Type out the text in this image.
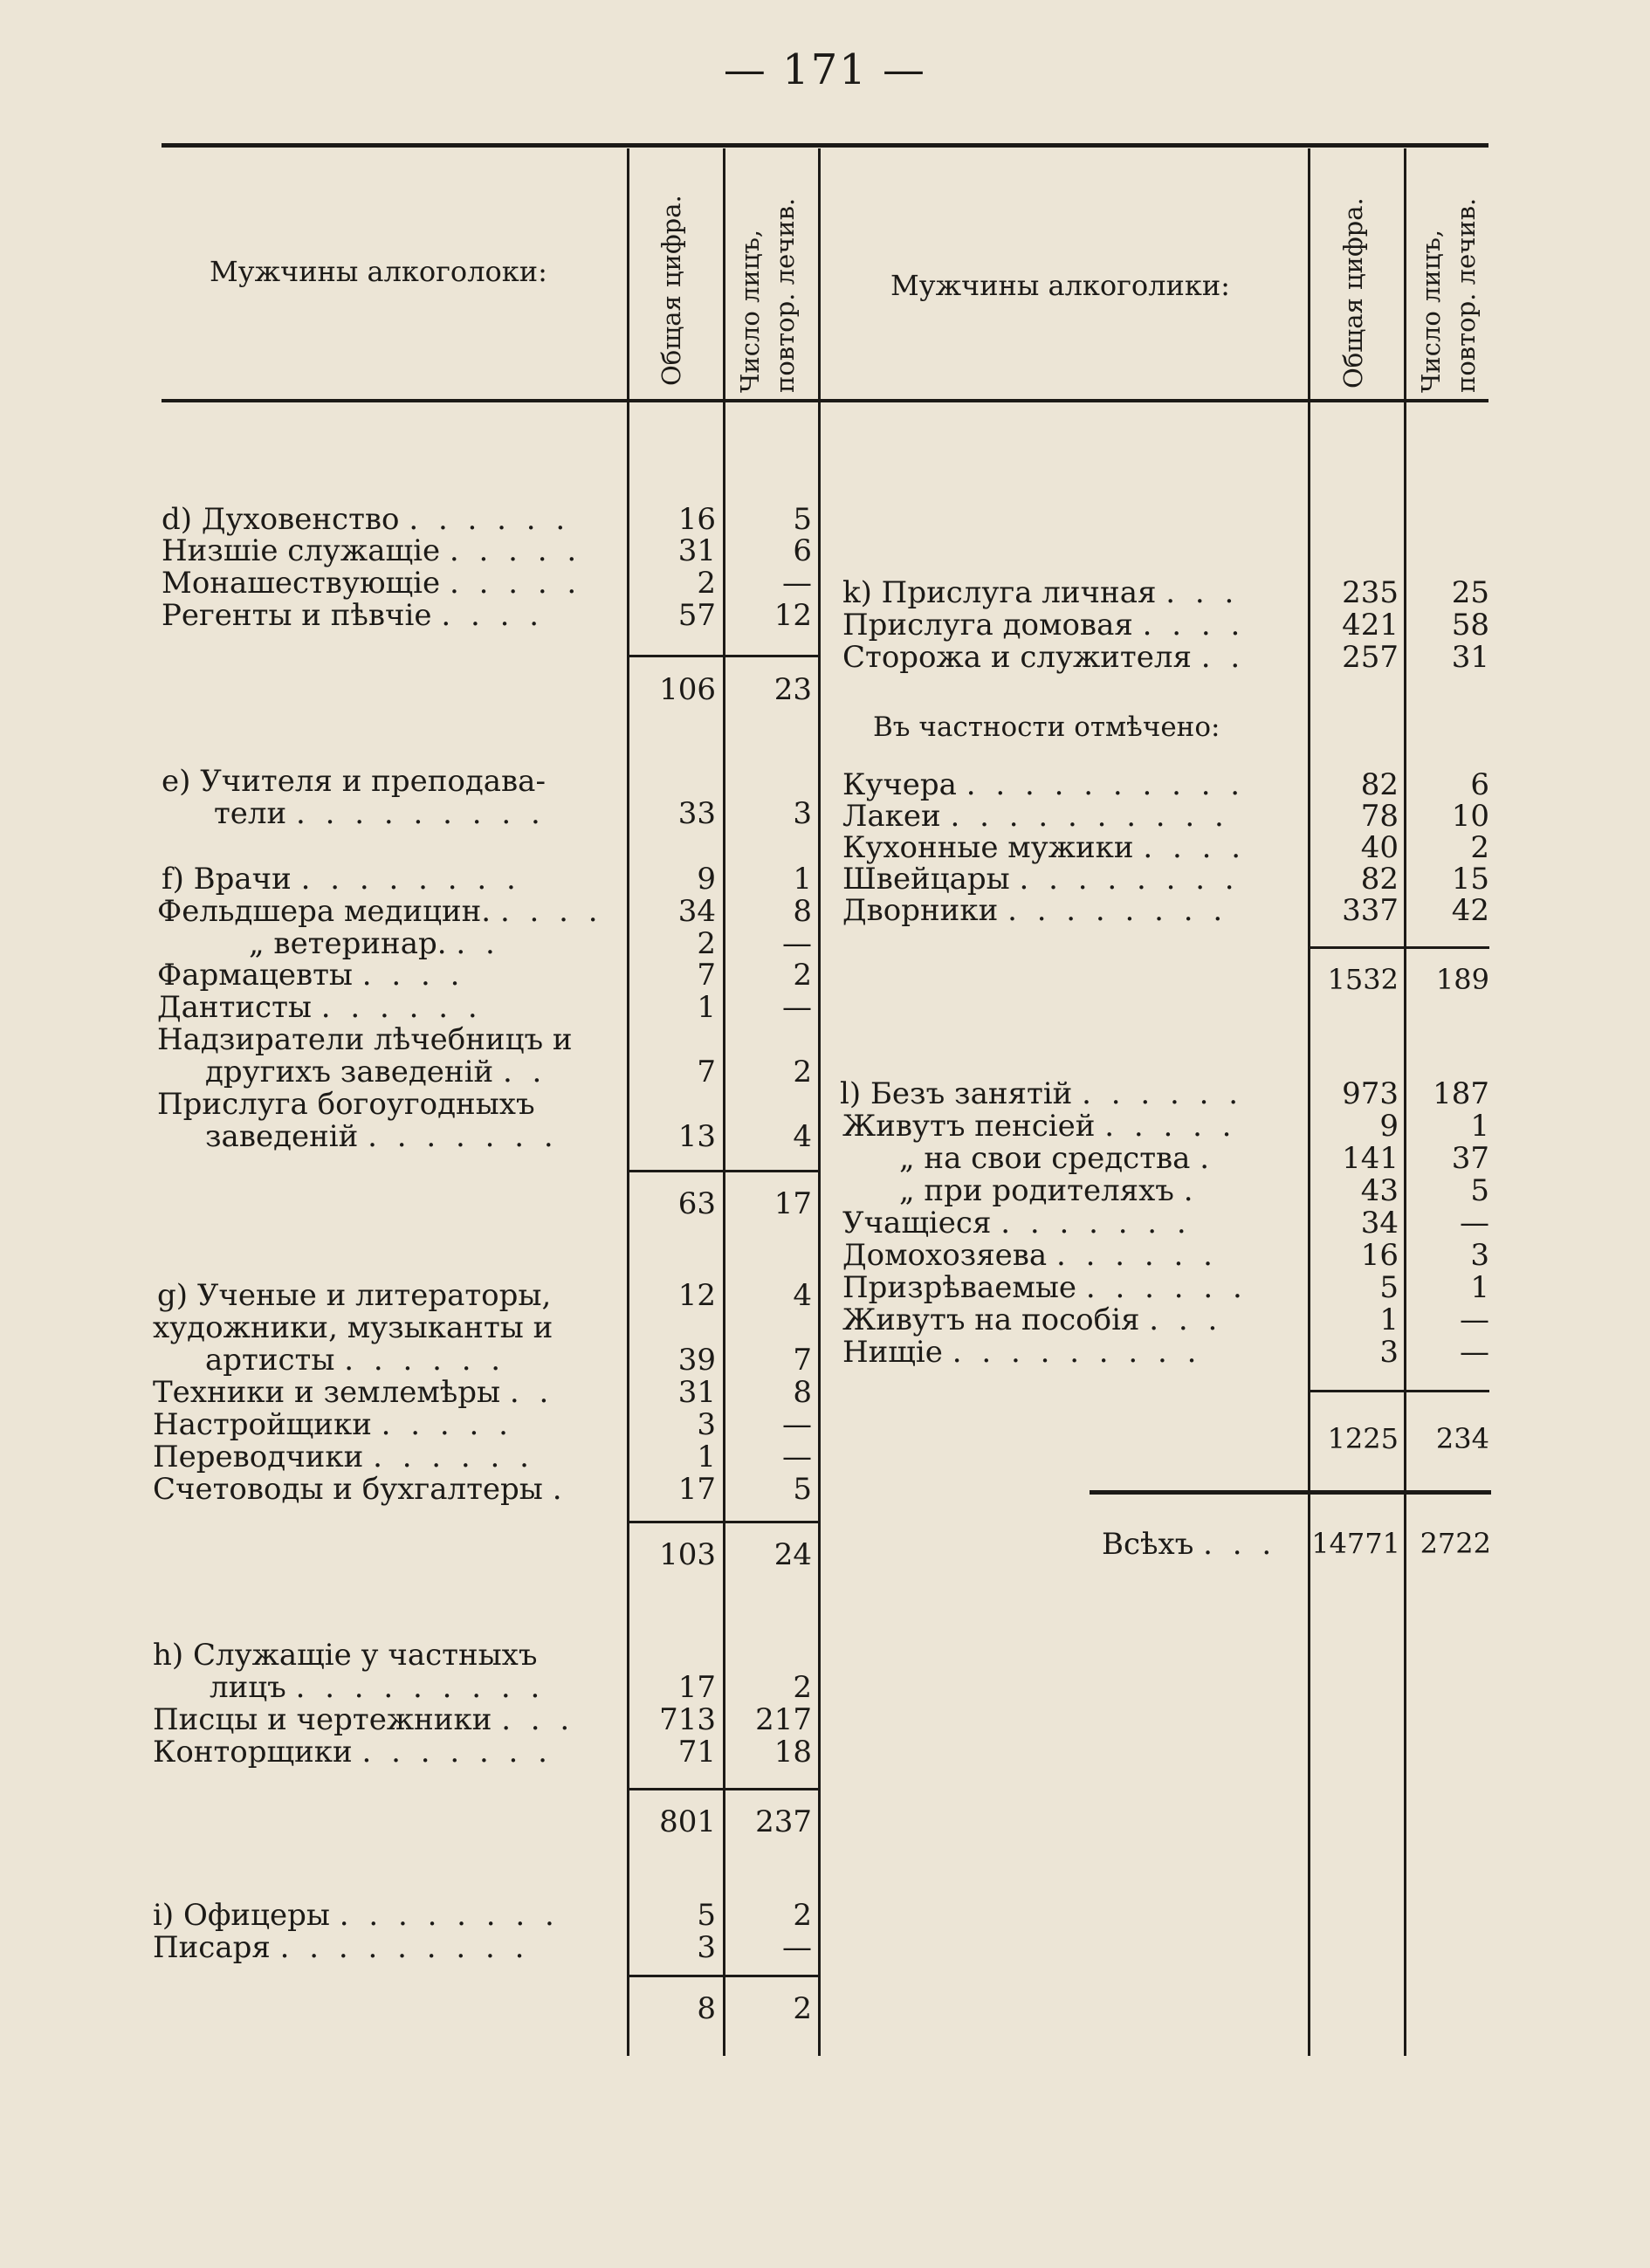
— 171 —
Мужчины алкоголоки:	Общая цифра. Число лицъ, повтор. лечив.	Мужчины алкоголики:	Общая цифра. Число лицъ, повтор. лечив.
d) Духовенство . . . . . .	16	5
Низшіе служащіе . . . . .	31	6
Монашествующіе . . . . .	2	—
Регенты и пѣвчіе . . . .	57	12
106	23
е) Учителя и преподава-
тели . . . . . . . . .	33	3
f) Врачи . . . . . . . .	9	1
Фельдшера медицин. . . . .	34	8
„ ветеринар. . .	2	—
Фармацевты . . . .	7	2
Дантисты . . . . . .	1	—
Надзиратели лѣчебницъ и
другихъ заведеній . .	7	2
Прислуга богоугодныхъ
заведеній . . . . . . .	13	4
63	17
g) Ученые и литераторы,	12	4
художники, музыканты и
артисты . . . . . .	39	7
Техники и землемѣры . .	31	8
Настройщики . . . . .	3	—
Переводчики . . . . . .	1	—
Счетоводы и бухгалтеры .	17	5
103	24
h) Служащіе у частныхъ
лицъ . . . . . . . . .	17	2
Писцы и чертежники . . .	713	217
Конторщики . . . . . . .	71	18
801	237
i) Офицеры . . . . . . . .	5	2
Писаря . . . . . . . . .	3	—
8	2
k) Прислуга личная . . .	235	25
Прислуга домовая . . . .	421	58
Сторожа и служителя . .	257	31
Въ частности отмѣчено:
Кучера . . . . . . . . . .	82	6
Лакеи . . . . . . . . . .	78	10
Кухонные мужики . . . .	40	2
Швейцары . . . . . . . .	82	15
Дворники . . . . . . . .	337	42
1532	189
l) Безъ занятій . . . . . .	973	187
Живутъ пенсіей . . . . .	9	1
„ на свои средства .	141	37
„ при родителяхъ .	43	5
Учащіеся . . . . . . .	34	—
Домохозяева . . . . . .	16	3
Призрѣваемые . . . . . .	5	1
Живутъ на пособія . . .	1	—
Нищіе . . . . . . . . .	3	—
1225	234
Всѣхъ . . . 14771 2722
